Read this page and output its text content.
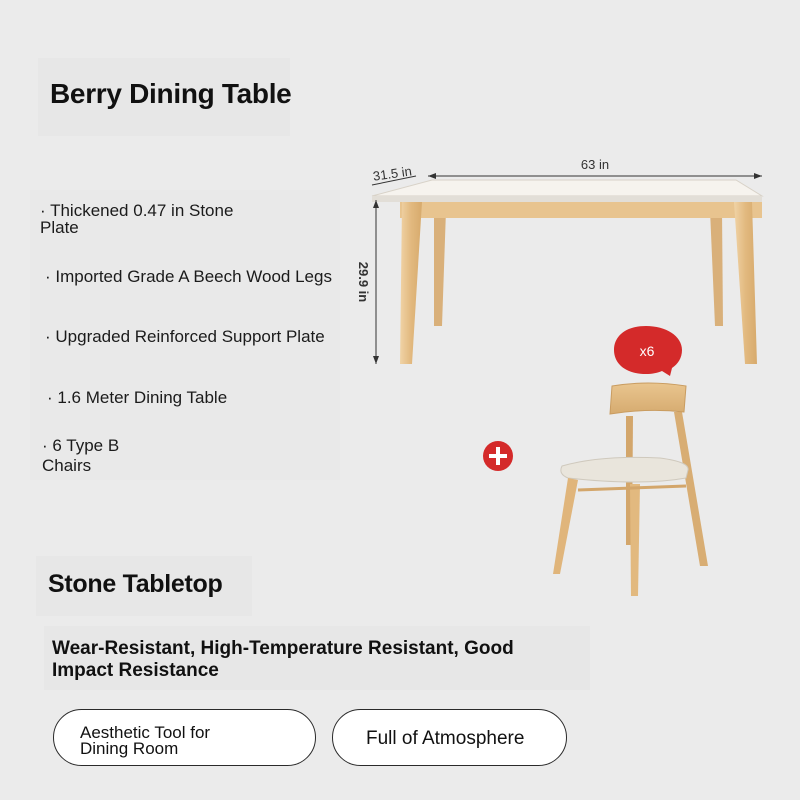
Berry Dining Table
· Thickened 0.47 in Stone
Plate
· Imported Grade A Beech Wood Legs
· Upgraded Reinforced Support Plate
· 1.6 Meter Dining Table
· 6 Type B
Chairs
63 in
31.5 in
29.9 in
x6
Stone Tabletop
Wear-Resistant, High-Temperature Resistant, Good
Impact Resistance
Aesthetic Tool for
Dining Room	Full of Atmosphere
